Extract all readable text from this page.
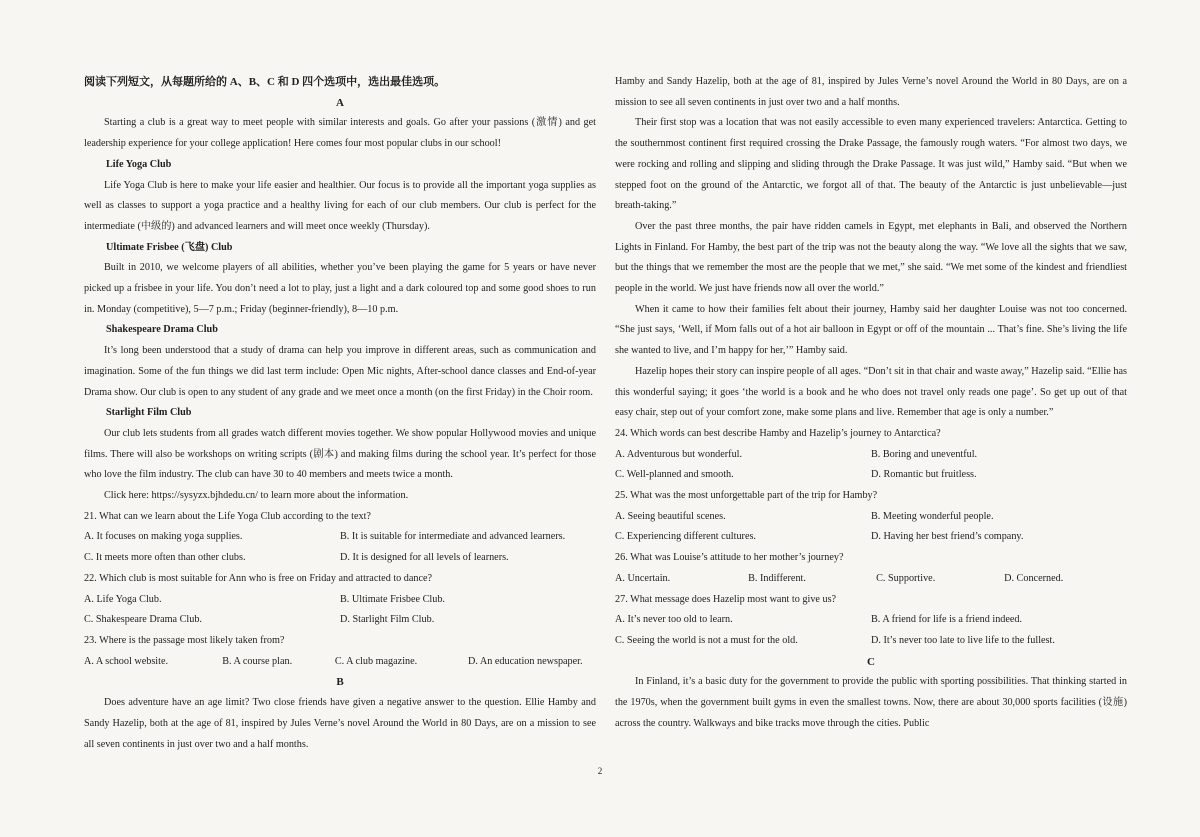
阅读下列短文，从每题所给的 A、B、C 和 D 四个选项中，选出最佳选项。

A

Starting a club is a great way to meet people with similar interests and goals. Go after your passions (激情) and get leadership experience for your college application! Here comes four most popular clubs in our school!

Life Yoga Club

Life Yoga Club is here to make your life easier and healthier. Our focus is to provide all the important yoga supplies as well as classes to support a yoga practice and a healthy living for each of our club members. Our club is perfect for the intermediate (中级的) and advanced learners and will meet once weekly (Thursday).

Ultimate Frisbee (飞盘) Club

Built in 2010, we welcome players of all abilities, whether you’ve been playing the game for 5 years or have never picked up a frisbee in your life. You don’t need a lot to play, just a light and a dark coloured top and some good shoes to run in. Monday (competitive), 5—7 p.m.; Friday (beginner-friendly), 8—10 p.m.

Shakespeare Drama Club

It’s long been understood that a study of drama can help you improve in different areas, such as communication and imagination. Some of the fun things we did last term include: Open Mic nights, After-school dance classes and End-of-year Drama show. Our club is open to any student of any grade and we meet once a month (on the first Friday) in the Choir room.

Starlight Film Club

Our club lets students from all grades watch different movies together. We show popular Hollywood movies and unique films. There will also be workshops on writing scripts (剧本) and making films during the school year. It’s perfect for those who love the film industry. The club can have 30 to 40 members and meets twice a month.

Click here: https://sysyzx.bjhdedu.cn/ to learn more about the information.

21. What can we learn about the Life Yoga Club according to the text?

A. It focuses on making yoga supplies.	B. It is suitable for intermediate and advanced learners.
C. It meets more often than other clubs.	D. It is designed for all levels of learners.

22. Which club is most suitable for Ann who is free on Friday and attracted to dance?

A. Life Yoga Club.	B. Ultimate Frisbee Club.
C. Shakespeare Drama Club.	D. Starlight Film Club.

23. Where is the passage most likely taken from?

A. A school website.	B. A course plan.	C. A club magazine.	D. An education newspaper.

B

Does adventure have an age limit? Two close friends have given a negative answer to the question. Ellie Hamby and Sandy Hazelip, both at the age of 81, inspired by Jules Verne’s novel Around the World in 80 Days, are on a mission to see all seven continents in just over two and a half months.

Hamby and Sandy Hazelip, both at the age of 81, inspired by Jules Verne’s novel Around the World in 80 Days, are on a mission to see all seven continents in just over two and a half months.

Their first stop was a location that was not easily accessible to even many experienced travelers: Antarctica. Getting to the southernmost continent first required crossing the Drake Passage, the famously rough waters. “For almost two days, we were rocking and rolling and slipping and sliding through the Drake Passage. It was just wild,” Hamby said. “But when we stepped foot on the ground of the Antarctic, we forgot all of that. The beauty of the Antarctic is just unbelievable—just breath-taking.”

Over the past three months, the pair have ridden camels in Egypt, met elephants in Bali, and observed the Northern Lights in Finland. For Hamby, the best part of the trip was not the beauty along the way. “We love all the sights that we saw, but the things that we remember the most are the people that we met,” she said. “We met some of the kindest and friendliest people in the world. We just have friends now all over the world.”

When it came to how their families felt about their journey, Hamby said her daughter Louise was not too concerned. “She just says, ‘Well, if Mom falls out of a hot air balloon in Egypt or off of the mountain ... That’s fine. She’s living the life she wanted to live, and I’m happy for her,’” Hamby said.

Hazelip hopes their story can inspire people of all ages. “Don’t sit in that chair and waste away,” Hazelip said. “Ellie has this wonderful saying; it goes ‘the world is a book and he who does not travel only reads one page’. So get up out of that easy chair, step out of your comfort zone, make some plans and live. Remember that age is only a number.”

24. Which words can best describe Hamby and Hazelip’s journey to Antarctica?

A. Adventurous but wonderful.	B. Boring and uneventful.
C. Well-planned and smooth.	D. Romantic but fruitless.

25. What was the most unforgettable part of the trip for Hamby?

A. Seeing beautiful scenes.	B. Meeting wonderful people.
C. Experiencing different cultures.	D. Having her best friend’s company.

26. What was Louise’s attitude to her mother’s journey?

A. Uncertain.	B. Indifferent.	C. Supportive.	D. Concerned.

27. What message does Hazelip most want to give us?

A. It’s never too old to learn.	B. A friend for life is a friend indeed.
C. Seeing the world is not a must for the old.	D. It’s never too late to live life to the fullest.

C

In Finland, it’s a basic duty for the government to provide the public with sporting possibilities. That thinking started in the 1970s, when the government built gyms in even the smallest towns. Now, there are about 30,000 sports facilities (设施) across the country. Walkways and bike tracks move through the cities. Public

2
